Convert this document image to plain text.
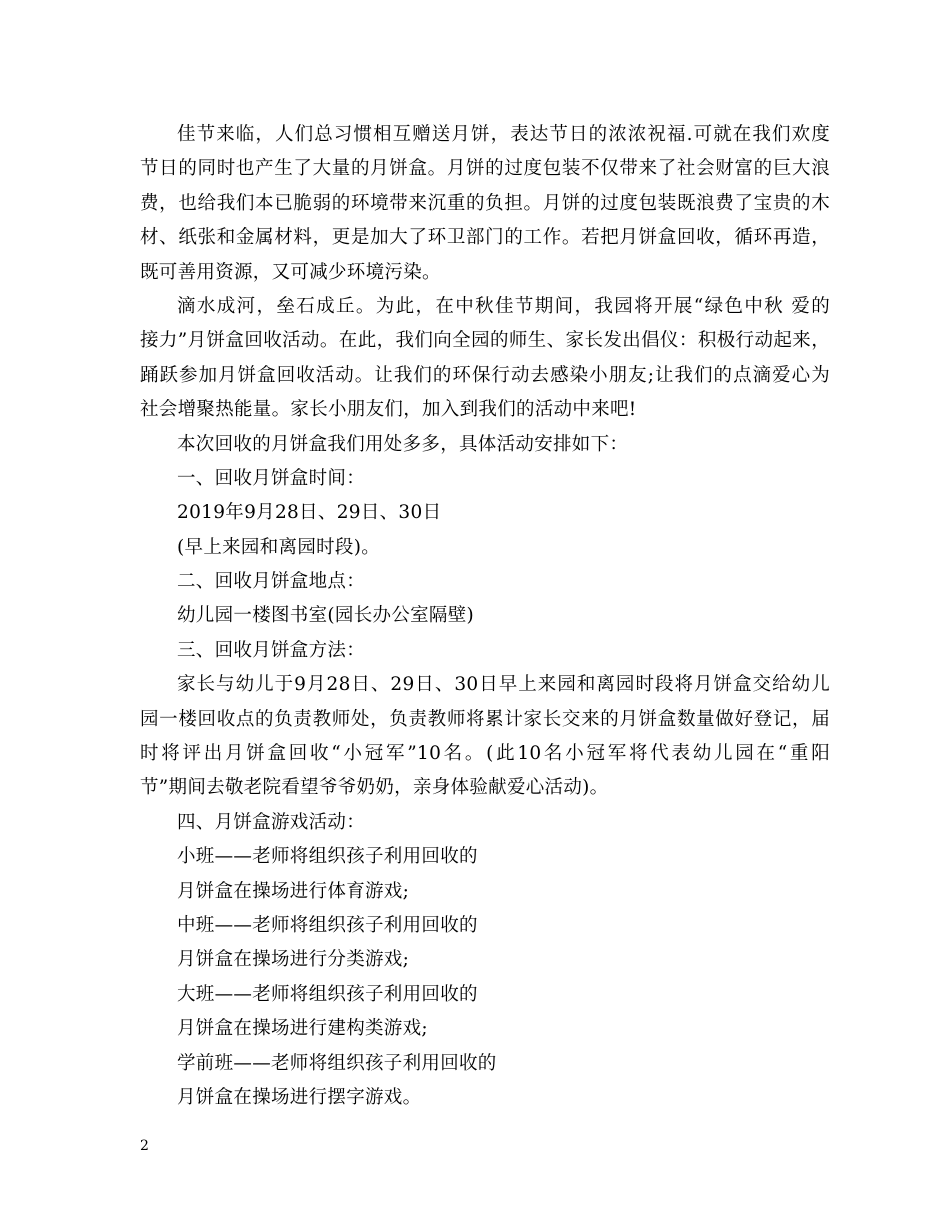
佳节来临，人们总习惯相互赠送月饼，表达节日的浓浓祝福.可就在我们欢度
节日的同时也产生了大量的月饼盒。月饼的过度包装不仅带来了社会财富的巨大浪
费，也给我们本已脆弱的环境带来沉重的负担。月饼的过度包装既浪费了宝贵的木
材、纸张和金属材料，更是加大了环卫部门的工作。若把月饼盒回收，循环再造，
既可善用资源，又可减少环境污染。
滴水成河，垒石成丘。为此，在中秋佳节期间，我园将开展“绿色中秋 爱的
接力”月饼盒回收活动。在此，我们向全园的师生、家长发出倡仪：积极行动起来，
踊跃参加月饼盒回收活动。让我们的环保行动去感染小朋友;让我们的点滴爱心为
社会增聚热能量。家长小朋友们，加入到我们的活动中来吧!
本次回收的月饼盒我们用处多多，具体活动安排如下：
一、回收月饼盒时间：
2019年9月28日、29日、30日
(早上来园和离园时段)。
二、回收月饼盒地点：
幼儿园一楼图书室(园长办公室隔壁)
三、回收月饼盒方法：
家长与幼儿于9月28日、29日、30日早上来园和离园时段将月饼盒交给幼儿
园一楼回收点的负责教师处，负责教师将累计家长交来的月饼盒数量做好登记，届
时将评出月饼盒回收“小冠军”10名。(此10名小冠军将代表幼儿园在“重阳
节”期间去敬老院看望爷爷奶奶，亲身体验献爱心活动)。
四、月饼盒游戏活动：
小班——老师将组织孩子利用回收的
月饼盒在操场进行体育游戏;
中班——老师将组织孩子利用回收的
月饼盒在操场进行分类游戏;
大班——老师将组织孩子利用回收的
月饼盒在操场进行建构类游戏;
学前班——老师将组织孩子利用回收的
月饼盒在操场进行摆字游戏。
2
